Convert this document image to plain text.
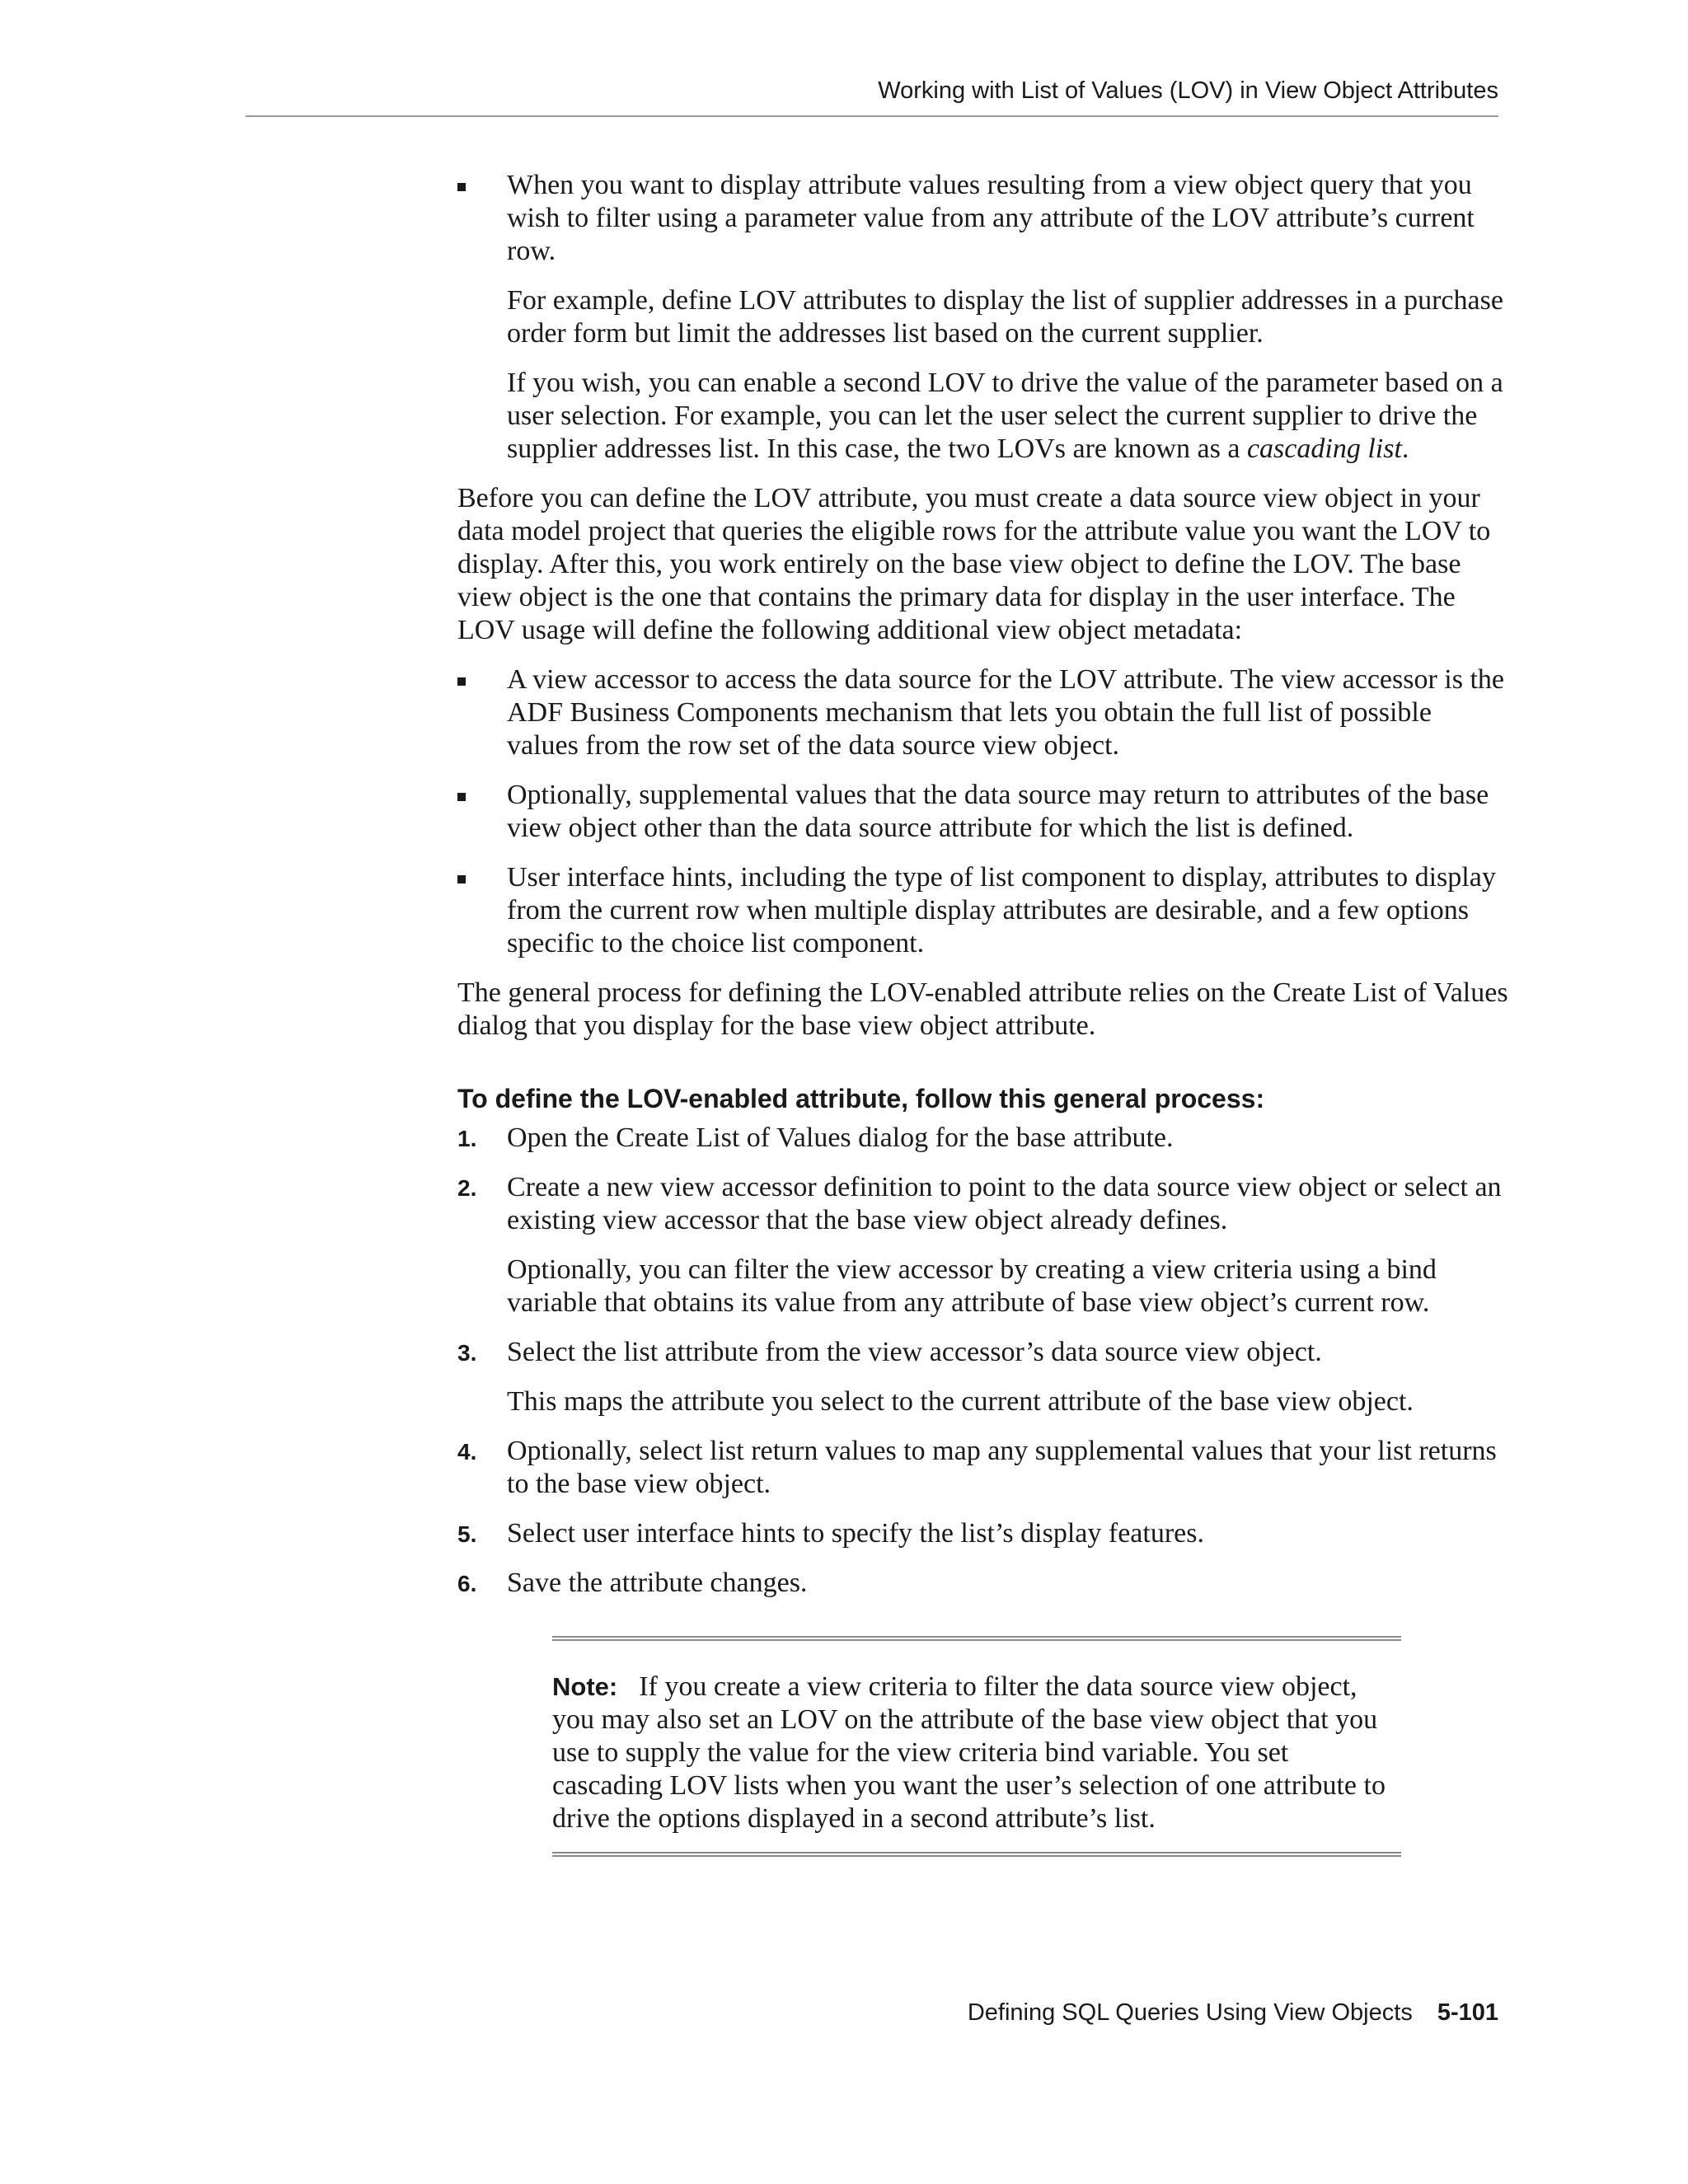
Working with List of Values (LOV) in View Object Attributes

When you want to display attribute values resulting from a view object query that you wish to filter using a parameter value from any attribute of the LOV attribute’s current row.

For example, define LOV attributes to display the list of supplier addresses in a purchase order form but limit the addresses list based on the current supplier.

If you wish, you can enable a second LOV to drive the value of the parameter based on a user selection. For example, you can let the user select the current supplier to drive the supplier addresses list. In this case, the two LOVs are known as a cascading list.

Before you can define the LOV attribute, you must create a data source view object in your data model project that queries the eligible rows for the attribute value you want the LOV to display. After this, you work entirely on the base view object to define the LOV. The base view object is the one that contains the primary data for display in the user interface. The LOV usage will define the following additional view object metadata:

A view accessor to access the data source for the LOV attribute. The view accessor is the ADF Business Components mechanism that lets you obtain the full list of possible values from the row set of the data source view object.

Optionally, supplemental values that the data source may return to attributes of the base view object other than the data source attribute for which the list is defined.

User interface hints, including the type of list component to display, attributes to display from the current row when multiple display attributes are desirable, and a few options specific to the choice list component.

The general process for defining the LOV-enabled attribute relies on the Create List of Values dialog that you display for the base view object attribute.

To define the LOV-enabled attribute, follow this general process:
1. Open the Create List of Values dialog for the base attribute.

2. Create a new view accessor definition to point to the data source view object or select an existing view accessor that the base view object already defines.

Optionally, you can filter the view accessor by creating a view criteria using a bind variable that obtains its value from any attribute of base view object’s current row.

3. Select the list attribute from the view accessor’s data source view object.

This maps the attribute you select to the current attribute of the base view object.

4. Optionally, select list return values to map any supplemental values that your list returns to the base view object.

5. Select user interface hints to specify the list’s display features.

6. Save the attribute changes.

Note: If you create a view criteria to filter the data source view object, you may also set an LOV on the attribute of the base view object that you use to supply the value for the view criteria bind variable. You set cascading LOV lists when you want the user’s selection of one attribute to drive the options displayed in a second attribute’s list.

Defining SQL Queries Using View Objects 5-101
